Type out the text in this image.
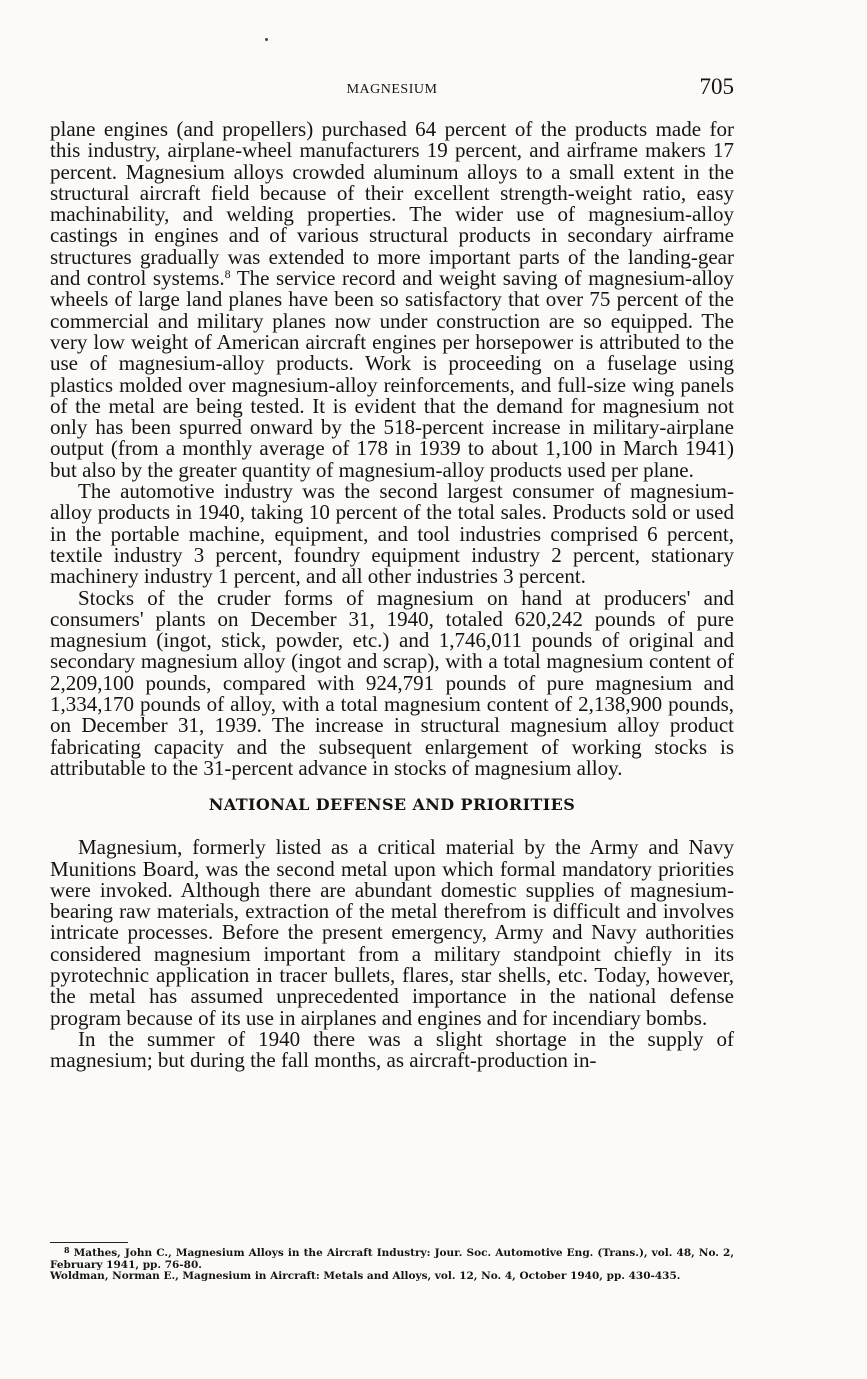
MAGNESIUM	705

plane engines (and propellers) purchased 64 percent of the products made for this industry, airplane-wheel manufacturers 19 percent, and airframe makers 17 percent. Magnesium alloys crowded aluminum alloys to a small extent in the structural aircraft field because of their excellent strength-weight ratio, easy machinability, and welding properties. The wider use of magnesium-alloy castings in engines and of various structural products in secondary airframe structures gradually was extended to more important parts of the landing-gear and control systems.$^8$ The service record and weight saving of magnesium-alloy wheels of large land planes have been so satisfactory that over 75 percent of the commercial and military planes now under construction are so equipped. The very low weight of American aircraft engines per horsepower is attributed to the use of magnesium-alloy products. Work is proceeding on a fuselage using plastics molded over magnesium-alloy reinforcements, and full-size wing panels of the metal are being tested. It is evident that the demand for magnesium not only has been spurred onward by the 518-percent increase in military-airplane output (from a monthly average of 178 in 1939 to about 1,100 in March 1941) but also by the greater quantity of magnesium-alloy products used per plane.

The automotive industry was the second largest consumer of magnesium-alloy products in 1940, taking 10 percent of the total sales. Products sold or used in the portable machine, equipment, and tool industries comprised 6 percent, textile industry 3 percent, foundry equipment industry 2 percent, stationary machinery industry 1 percent, and all other industries 3 percent.

Stocks of the cruder forms of magnesium on hand at producers' and consumers' plants on December 31, 1940, totaled 620,242 pounds of pure magnesium (ingot, stick, powder, etc.) and 1,746,011 pounds of original and secondary magnesium alloy (ingot and scrap), with a total magnesium content of 2,209,100 pounds, compared with 924,791 pounds of pure magnesium and 1,334,170 pounds of alloy, with a total magnesium content of 2,138,900 pounds, on December 31, 1939. The increase in structural magnesium alloy product fabricating capacity and the subsequent enlargement of working stocks is attributable to the 31-percent advance in stocks of magnesium alloy.

NATIONAL DEFENSE AND PRIORITIES

Magnesium, formerly listed as a critical material by the Army and Navy Munitions Board, was the second metal upon which formal mandatory priorities were invoked. Although there are abundant domestic supplies of magnesium-bearing raw materials, extraction of the metal therefrom is difficult and involves intricate processes. Before the present emergency, Army and Navy authorities considered magnesium important from a military standpoint chiefly in its pyrotechnic application in tracer bullets, flares, star shells, etc. Today, however, the metal has assumed unprecedented importance in the national defense program because of its use in airplanes and engines and for incendiary bombs.

In the summer of 1940 there was a slight shortage in the supply of magnesium; but during the fall months, as aircraft-production in-

$^8$ Mathes, John C., Magnesium Alloys in the Aircraft Industry: Jour. Soc. Automotive Eng. (Trans.), vol. 48, No. 2, February 1941, pp. 76-80.

Woldman, Norman E., Magnesium in Aircraft: Metals and Alloys, vol. 12, No. 4, October 1940, pp. 430-435.
